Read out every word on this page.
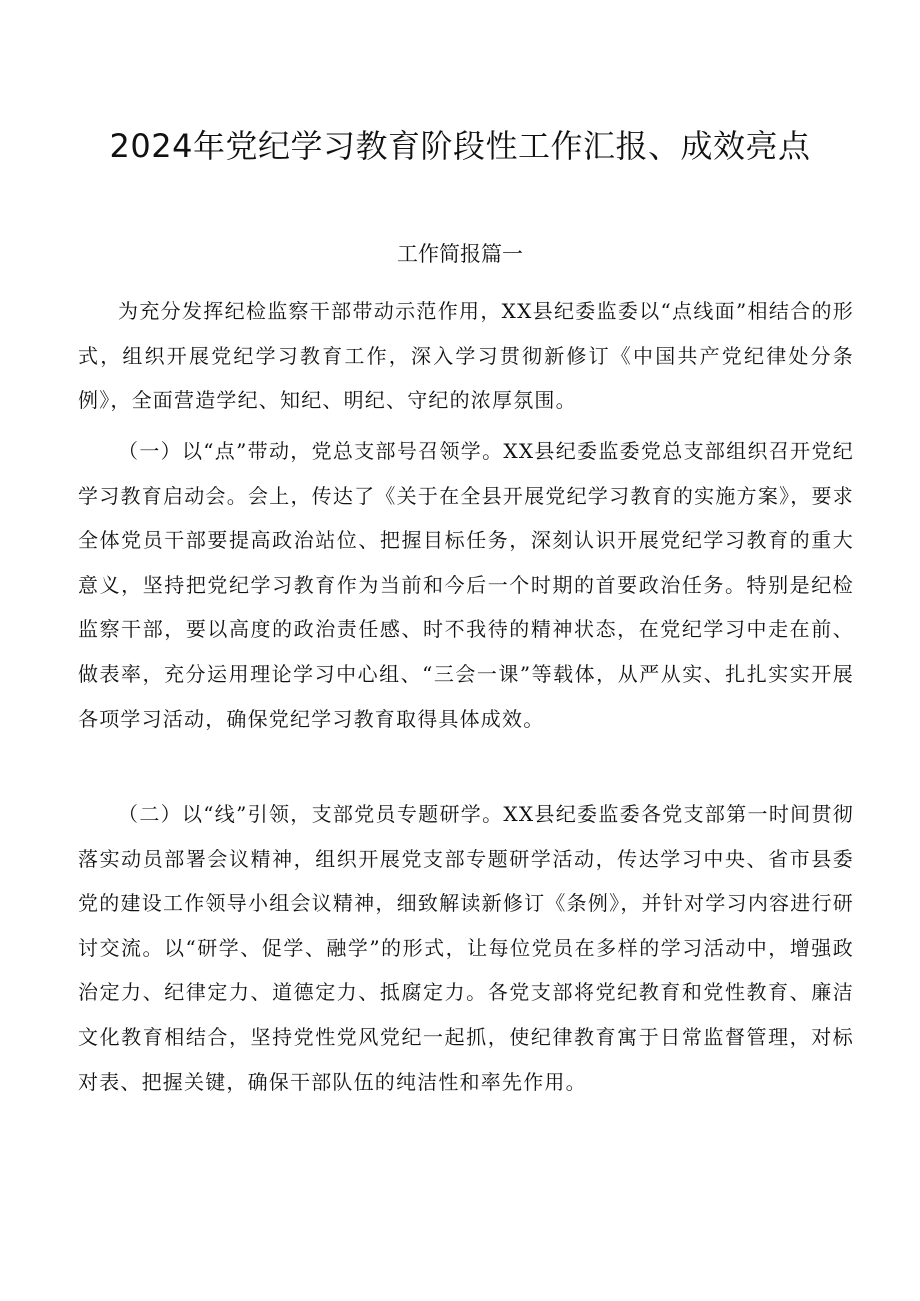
2024年党纪学习教育阶段性工作汇报、成效亮点
工作简报篇一

为充分发挥纪检监察干部带动示范作用，XX县纪委监委以“点线面”相结合的形式，组织开展党纪学习教育工作，深入学习贯彻新修订《中国共产党纪律处分条例》，全面营造学纪、知纪、明纪、守纪的浓厚氛围。

（一）以“点”带动，党总支部号召领学。XX县纪委监委党总支部组织召开党纪学习教育启动会。会上，传达了《关于在全县开展党纪学习教育的实施方案》，要求全体党员干部要提高政治站位、把握目标任务，深刻认识开展党纪学习教育的重大意义，坚持把党纪学习教育作为当前和今后一个时期的首要政治任务。特别是纪检监察干部，要以高度的政治责任感、时不我待的精神状态，在党纪学习中走在前、做表率，充分运用理论学习中心组、“三会一课”等载体，从严从实、扎扎实实开展各项学习活动，确保党纪学习教育取得具体成效。

（二）以“线”引领，支部党员专题研学。XX县纪委监委各党支部第一时间贯彻落实动员部署会议精神，组织开展党支部专题研学活动，传达学习中央、省市县委党的建设工作领导小组会议精神，细致解读新修订《条例》，并针对学习内容进行研讨交流。以“研学、促学、融学”的形式，让每位党员在多样的学习活动中，增强政治定力、纪律定力、道德定力、抵腐定力。各党支部将党纪教育和党性教育、廉洁文化教育相结合，坚持党性党风党纪一起抓，使纪律教育寓于日常监督管理，对标对表、把握关键，确保干部队伍的纯洁性和率先作用。
